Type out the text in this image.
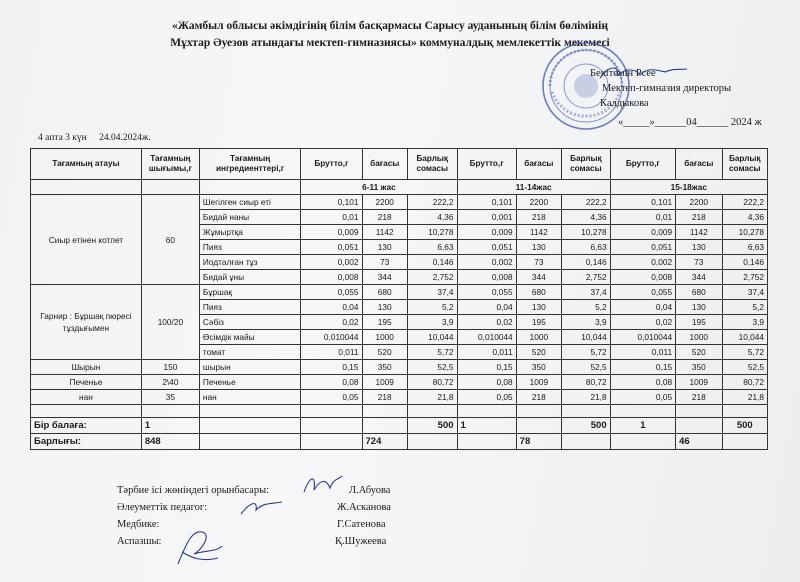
«Жамбыл облысы әкімдігінің білім басқармасы Сарысу ауданының білім бөлімінің
Мұхтар Әуезов атындағы мектеп-гимназиясы» коммуналдық мемлекеттік мекемесі
Бекітемін Рсее
Мектеп-гимназия директоры
Калдыкова
«_____»______04______ 2024 ж
4 апта 3 күн 24.04.2024ж.
Тағамның атауы	Тағамның шығымы,г	Тағамның ингредиенттері,г	Брутто,г	бағасы	Барлық сомасы	Брутто,г	бағасы	Барлық сомасы	Брутто,г	бағасы	Барлық сомасы
			6-11 жас			11-14жас			15-18жас		
Сиыр етінен котлет	60	Шегілген сиыр еті	0,101	2200	222,2	0,101	2200	222,2	0,101	2200	222,2
		Бидай наны	0,01	218	4,36	0,001	218	4,36	0,01	218	4,36
		Жұмыртқа	0,009	1142	10,278	0,009	1142	10,278	0,009	1142	10,278
		Пияз	0,051	130	6,63	0,051	130	6,63	0,051	130	6,63
		Иодталған тұз	0,002	73	0,146	0,002	73	0,146	0,002	73	0,146
		Бидай ұны	0,008	344	2,752	0,008	344	2,752	0,008	344	2,752
Гарнир : Бұршақ пюресі тұздығымен	100/20	Бұршақ	0,055	680	37,4	0,055	680	37,4	0,055	680	37,4
		Пияз	0,04	130	5,2	0,04	130	5,2	0,04	130	5,2
		Сәбіз	0,02	195	3,9	0,02	195	3,9	0,02	195	3,9
		Өсімдік майы	0,010044	1000	10,044	0,010044	1000	10,044	0,010044	1000	10,044
		томат	0,011	520	5,72	0,011	520	5,72	0,011	520	5,72
Шырын	150	шырын	0,15	350	52,5	0,15	350	52,5	0,15	350	52,5
Печенье	2\40	Печенье	0,08	1009	80,72	0,08	1009	80,72	0,08	1009	80,72
нан	35	нан	0,05	218	21,8	0,05	218	21,8	0,05	218	21,8

Бір балаға:	1				500	1		500	1		500
Барлығы:	848			724			78			46	
Тәрбие ісі жөніндегі орынбасары:	Л.Абуова
Әлеуметтік педагог:	Ж.Асканова
Медбике:	Г.Сатенова
Аспазшы:	Қ.Шужеева
